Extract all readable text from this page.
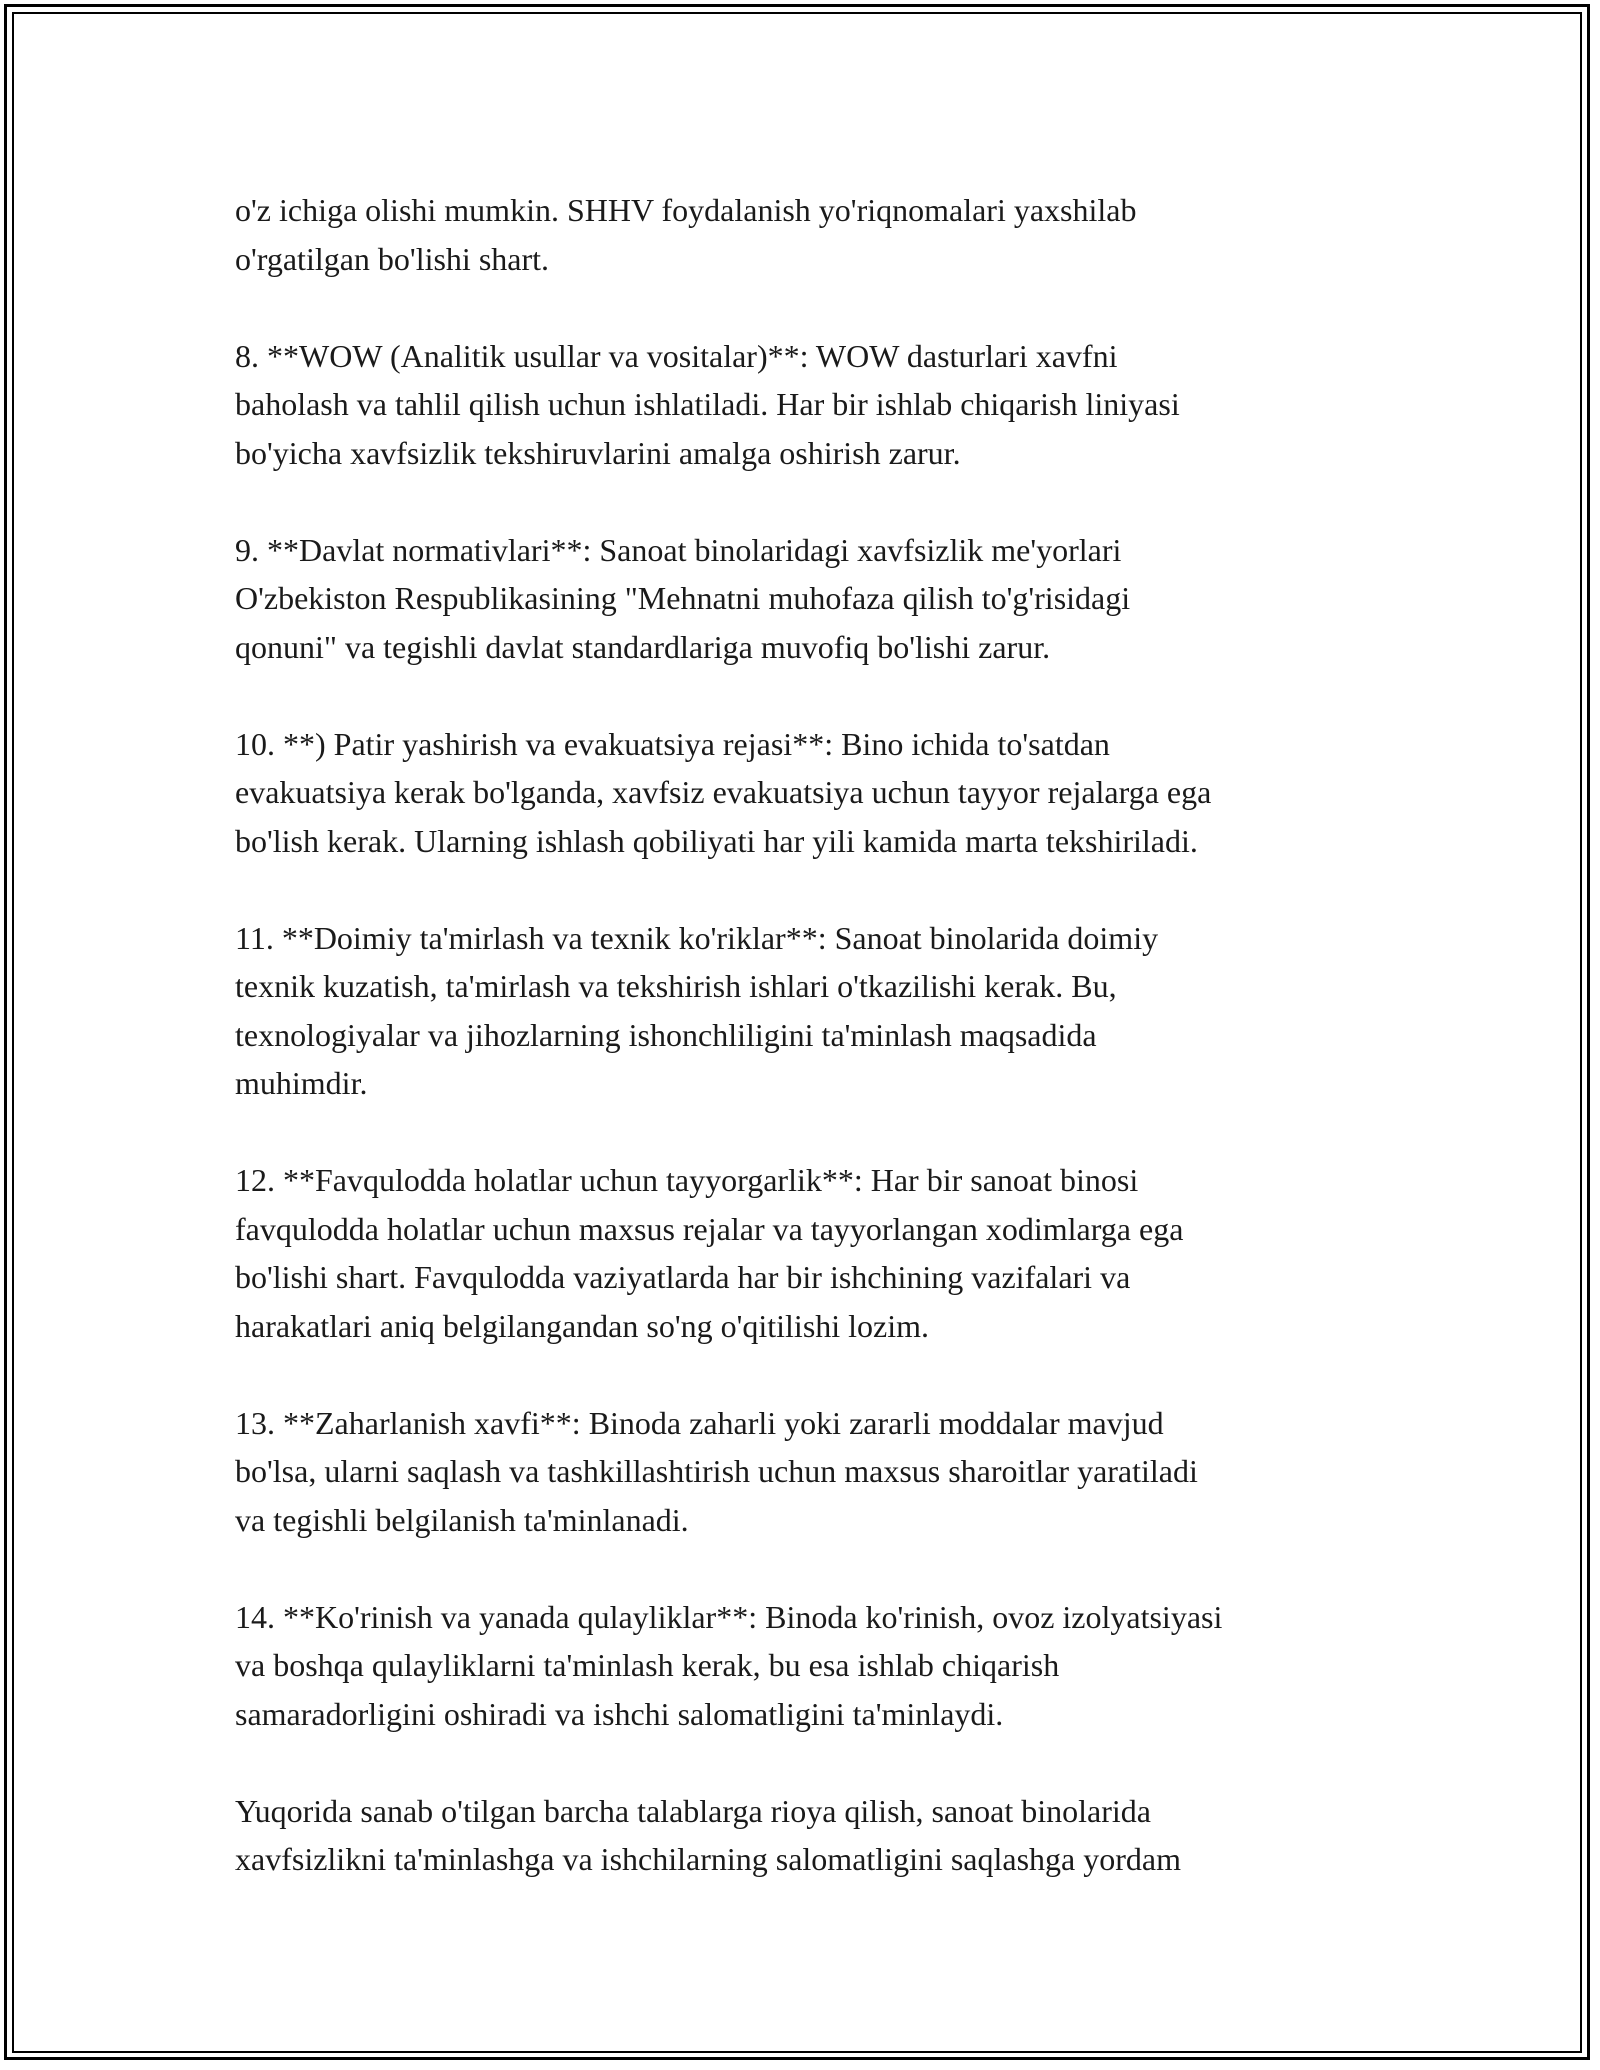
o'z ichiga olishi mumkin. SHHV foydalanish yo'riqnomalari yaxshilab
o'rgatilgan bo'lishi shart.

8. **WOW (Analitik usullar va vositalar)**: WOW dasturlari xavfni
baholash va tahlil qilish uchun ishlatiladi. Har bir ishlab chiqarish liniyasi
bo'yicha xavfsizlik tekshiruvlarini amalga oshirish zarur.

9. **Davlat normativlari**: Sanoat binolaridagi xavfsizlik me'yorlari
O'zbekiston Respublikasining "Mehnatni muhofaza qilish to'g'risidagi
qonuni" va tegishli davlat standardlariga muvofiq bo'lishi zarur.

10. **) Patir yashirish va evakuatsiya rejasi**: Bino ichida to'satdan
evakuatsiya kerak bo'lganda, xavfsiz evakuatsiya uchun tayyor rejalarga ega
bo'lish kerak. Ularning ishlash qobiliyati har yili kamida marta tekshiriladi.

11. **Doimiy ta'mirlash va texnik ko'riklar**: Sanoat binolarida doimiy
texnik kuzatish, ta'mirlash va tekshirish ishlari o'tkazilishi kerak. Bu,
texnologiyalar va jihozlarning ishonchliligini ta'minlash maqsadida
muhimdir.

12. **Favqulodda holatlar uchun tayyorgarlik**: Har bir sanoat binosi
favqulodda holatlar uchun maxsus rejalar va tayyorlangan xodimlarga ega
bo'lishi shart. Favqulodda vaziyatlarda har bir ishchining vazifalari va
harakatlari aniq belgilangandan so'ng o'qitilishi lozim.

13. **Zaharlanish xavfi**: Binoda zaharli yoki zararli moddalar mavjud
bo'lsa, ularni saqlash va tashkillashtirish uchun maxsus sharoitlar yaratiladi
va tegishli belgilanish ta'minlanadi.

14. **Ko'rinish va yanada qulayliklar**: Binoda ko'rinish, ovoz izolyatsiyasi
va boshqa qulayliklarni ta'minlash kerak, bu esa ishlab chiqarish
samaradorligini oshiradi va ishchi salomatligini ta'minlaydi.

Yuqorida sanab o'tilgan barcha talablarga rioya qilish, sanoat binolarida
xavfsizlikni ta'minlashga va ishchilarning salomatligini saqlashga yordam
